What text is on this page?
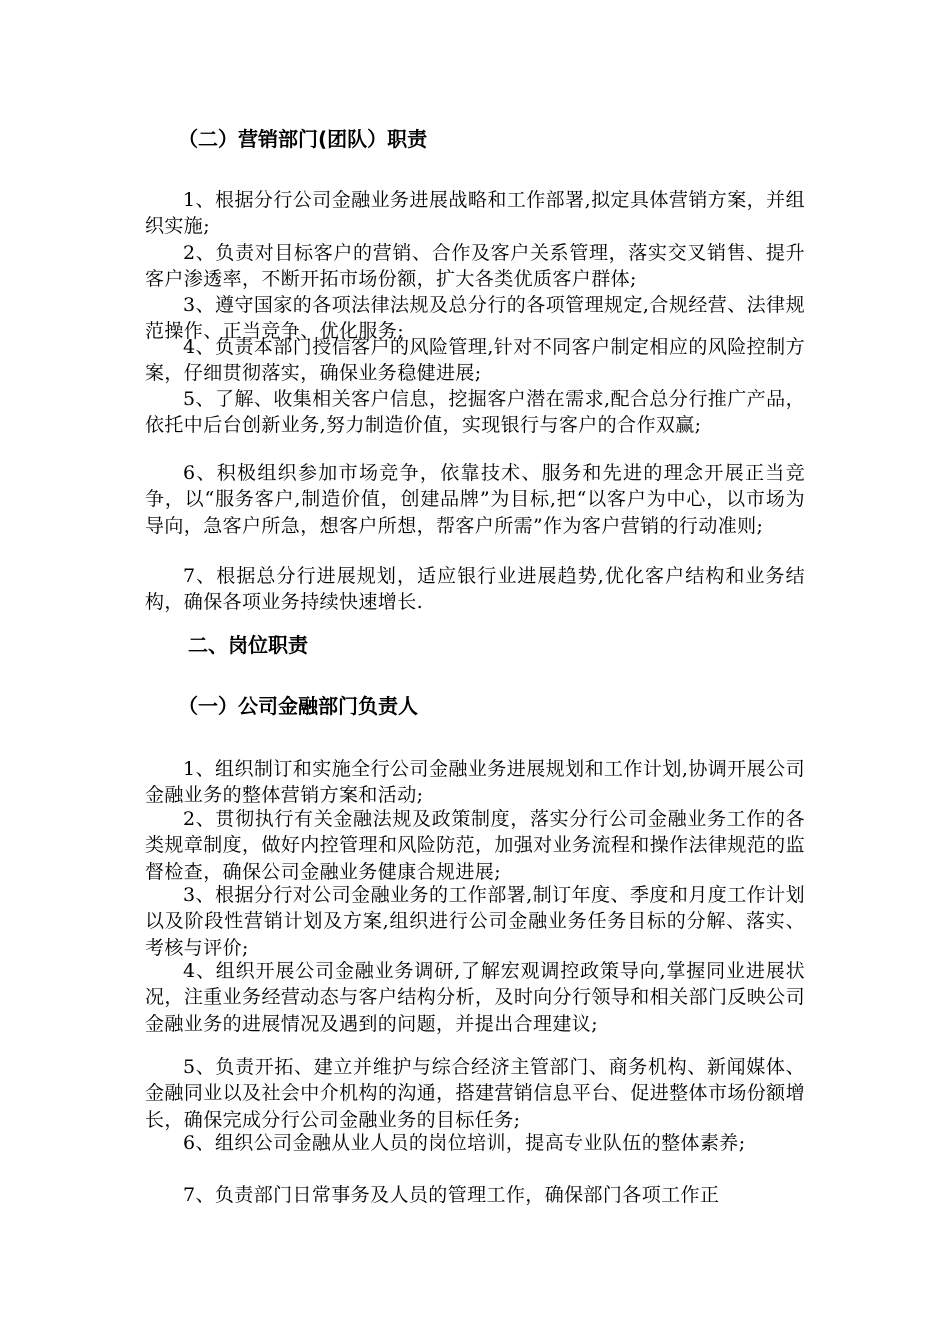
（二）营销部门(团队）职责

1、根据分行公司金融业务进展战略和工作部署,拟定具体营销方案，并组织实施;

2、负责对目标客户的营销、合作及客户关系管理，落实交叉销售、提升客户渗透率，不断开拓市场份额，扩大各类优质客户群体;

3、遵守国家的各项法律法规及总分行的各项管理规定,合规经营、法律规范操作、正当竞争、优化服务;

4、负责本部门授信客户的风险管理,针对不同客户制定相应的风险控制方案，仔细贯彻落实，确保业务稳健进展;

5、了解、收集相关客户信息，挖掘客户潜在需求,配合总分行推广产品，依托中后台创新业务,努力制造价值，实现银行与客户的合作双赢;

6、积极组织参加市场竞争，依靠技术、服务和先进的理念开展正当竞争，以“服务客户,制造价值，创建品牌”为目标,把“以客户为中心，以市场为导向，急客户所急，想客户所想，帮客户所需”作为客户营销的行动准则;

7、根据总分行进展规划，适应银行业进展趋势,优化客户结构和业务结构，确保各项业务持续快速增长.

二、岗位职责
（一）公司金融部门负责人

1、组织制订和实施全行公司金融业务进展规划和工作计划,协调开展公司金融业务的整体营销方案和活动;

2、贯彻执行有关金融法规及政策制度，落实分行公司金融业务工作的各类规章制度，做好内控管理和风险防范，加强对业务流程和操作法律规范的监督检查，确保公司金融业务健康合规进展;

3、根据分行对公司金融业务的工作部署,制订年度、季度和月度工作计划以及阶段性营销计划及方案,组织进行公司金融业务任务目标的分解、落实、考核与评价;

4、组织开展公司金融业务调研,了解宏观调控政策导向,掌握同业进展状况，注重业务经营动态与客户结构分析，及时向分行领导和相关部门反映公司金融业务的进展情况及遇到的问题，并提出合理建议;

5、负责开拓、建立并维护与综合经济主管部门、商务机构、新闻媒体、金融同业以及社会中介机构的沟通，搭建营销信息平台、促进整体市场份额增长，确保完成分行公司金融业务的目标任务;

6、组织公司金融从业人员的岗位培训，提高专业队伍的整体素养;

7、负责部门日常事务及人员的管理工作，确保部门各项工作正
